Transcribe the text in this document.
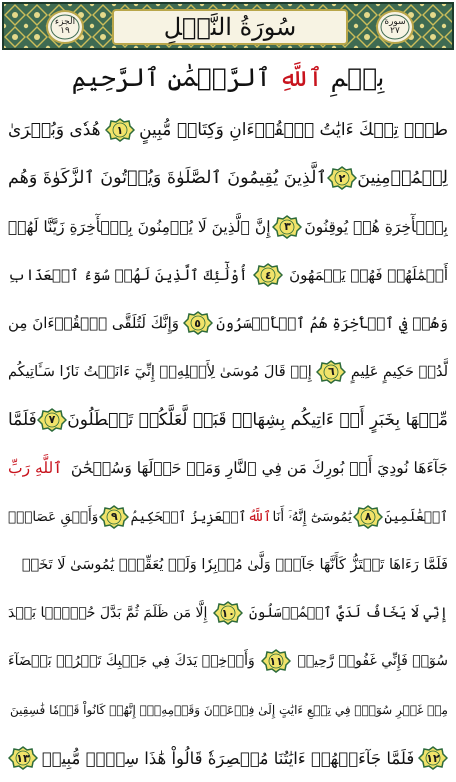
الجزء
١٩	سُورَةُ النَّمۡلِ	سورة
٢٧
بِسۡمِ

ٱللَّهِ

ٱلرَّحۡمَٰنِ ٱلرَّحِيمِ
طسٓۚ تِلۡكَ ءَايَٰتُ ٱلۡقُرۡءَانِ وَكِتَابٖ مُّبِينٍ
١
هُدٗى وَبُشۡرَىٰ
لِلۡمُؤۡمِنِينَ
٢
ٱلَّذِينَ يُقِيمُونَ ٱلصَّلَوٰةَ وَيُؤۡتُونَ ٱلزَّكَوٰةَ وَهُم
بِٱلۡأٓخِرَةِ هُمۡ يُوقِنُونَ
٣
إِنَّ ٱلَّذِينَ لَا يُؤۡمِنُونَ بِٱلۡأٓخِرَةِ زَيَّنَّا لَهُمۡ
أَعۡمَٰلَهُمۡ فَهُمۡ يَعۡمَهُونَ
٤
أُوْلَٰٓئِكَ ٱلَّذِينَ لَهُمۡ سُوٓءُ ٱلۡعَذَابِ
وَهُمۡ فِي ٱلۡأٓخِرَةِ هُمُ ٱلۡأَخۡسَرُونَ
٥
وَإِنَّكَ لَتُلَقَّى ٱلۡقُرۡءَانَ مِن
لَّدُنۡ حَكِيمٍ عَلِيمٍ
٦
إِذۡ قَالَ مُوسَىٰ لِأَهۡلِهِۦٓ إِنِّيٓ ءَانَسۡتُ نَارٗا سَـَٔاتِيكُم
مِّنۡهَا بِخَبَرٍ أَوۡ ءَاتِيكُم بِشِهَابٖ قَبَسٖ لَّعَلَّكُمۡ تَصۡطَلُونَ
٧
فَلَمَّا
جَآءَهَا نُودِيَ أَنۢ بُورِكَ مَن فِي ٱلنَّارِ وَمَنۡ حَوۡلَهَا وَسُبۡحَٰنَ
ٱللَّهِ رَبِّ
ٱلۡعَٰلَمِينَ
٨
يَٰمُوسَىٰٓ إِنَّهُۥٓ أَنَا
ٱللَّهُ
ٱلۡعَزِيزُ ٱلۡحَكِيمُ
٩
وَأَلۡقِ عَصَاكَۚ
فَلَمَّا رَءَاهَا تَهۡتَزُّ كَأَنَّهَا جَآنّٞ وَلَّىٰ مُدۡبِرٗا وَلَمۡ يُعَقِّبۡۚ يَٰمُوسَىٰ لَا تَخَفۡ
إِنِّي لَا يَخَافُ لَدَيَّ ٱلۡمُرۡسَلُونَ
١٠
إِلَّا مَن ظَلَمَ ثُمَّ بَدَّلَ حُسۡنَۢا بَعۡدَ
سُوٓءٖ فَإِنِّي غَفُورٞ رَّحِيمٞ
١١
وَأَدۡخِلۡ يَدَكَ فِي جَيۡبِكَ تَخۡرُجۡ بَيۡضَآءَ
مِنۡ غَيۡرِ سُوٓءٖۖ فِي تِسۡعِ ءَايَٰتٍ إِلَىٰ فِرۡعَوۡنَ وَقَوۡمِهِۦٓۚ إِنَّهُمۡ كَانُواْ قَوۡمٗا فَٰسِقِينَ
١٢
فَلَمَّا جَآءَتۡهُمۡ ءَايَٰتُنَا مُبۡصِرَةٗ قَالُواْ هَٰذَا سِحۡرٞ مُّبِينٞ
١٣
